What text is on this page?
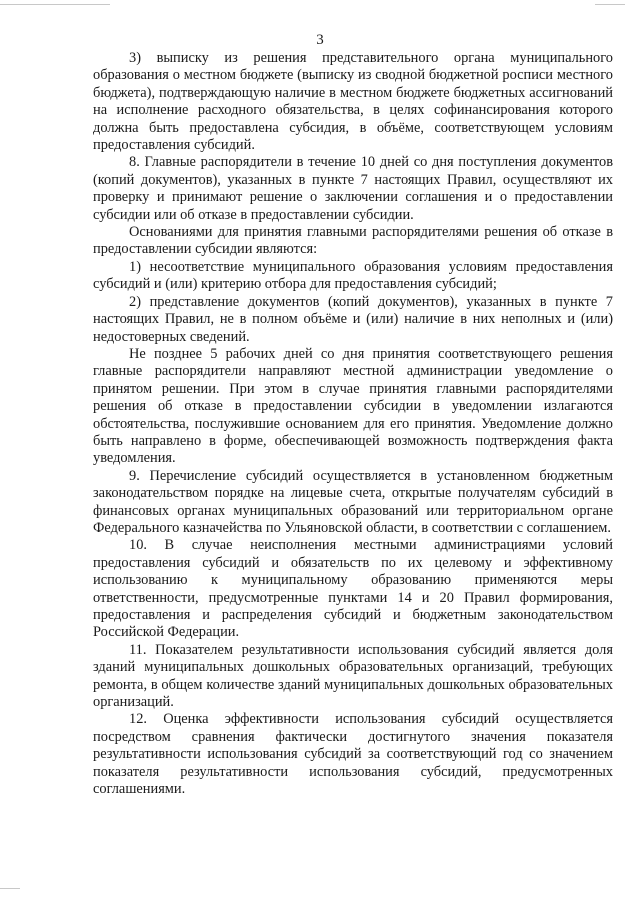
3

3) выписку из решения представительного органа муниципального образования о местном бюджете (выписку из сводной бюджетной росписи местного бюджета), подтверждающую наличие в местном бюджете бюджетных ассигнований на исполнение расходного обязательства, в целях софинансирования которого должна быть предоставлена субсидия, в объёме, соответствующем условиям предоставления субсидий.

8. Главные распорядители в течение 10 дней со дня поступления документов (копий документов), указанных в пункте 7 настоящих Правил, осуществляют их проверку и принимают решение о заключении соглашения и о предоставлении субсидии или об отказе в предоставлении субсидии.

Основаниями для принятия главными распорядителями решения об отказе в предоставлении субсидии являются:

1) несоответствие муниципального образования условиям предоставления субсидий и (или) критерию отбора для предоставления субсидий;

2) представление документов (копий документов), указанных в пункте 7 настоящих Правил, не в полном объёме и (или) наличие в них неполных и (или) недостоверных сведений.

Не позднее 5 рабочих дней со дня принятия соответствующего решения главные распорядители направляют местной администрации уведомление о принятом решении. При этом в случае принятия главными распорядителями решения об отказе в предоставлении субсидии в уведомлении излагаются обстоятельства, послужившие основанием для его принятия. Уведомление должно быть направлено в форме, обеспечивающей возможность подтверждения факта уведомления.

9. Перечисление субсидий осуществляется в установленном бюджетным законодательством порядке на лицевые счета, открытые получателям субсидий в финансовых органах муниципальных образований или территориальном органе Федерального казначейства по Ульяновской области, в соответствии с соглашением.

10. В случае неисполнения местными администрациями условий предоставления субсидий и обязательств по их целевому и эффективному использованию к муниципальному образованию применяются меры ответственности, предусмотренные пунктами 14 и 20 Правил формирования, предоставления и распределения субсидий и бюджетным законодательством Российской Федерации.

11. Показателем результативности использования субсидий является доля зданий муниципальных дошкольных образовательных организаций, требующих ремонта, в общем количестве зданий муниципальных дошкольных образовательных организаций.

12. Оценка эффективности использования субсидий осуществляется посредством сравнения фактически достигнутого значения показателя результативности использования субсидий за соответствующий год со значением показателя результативности использования субсидий, предусмотренных соглашениями.
